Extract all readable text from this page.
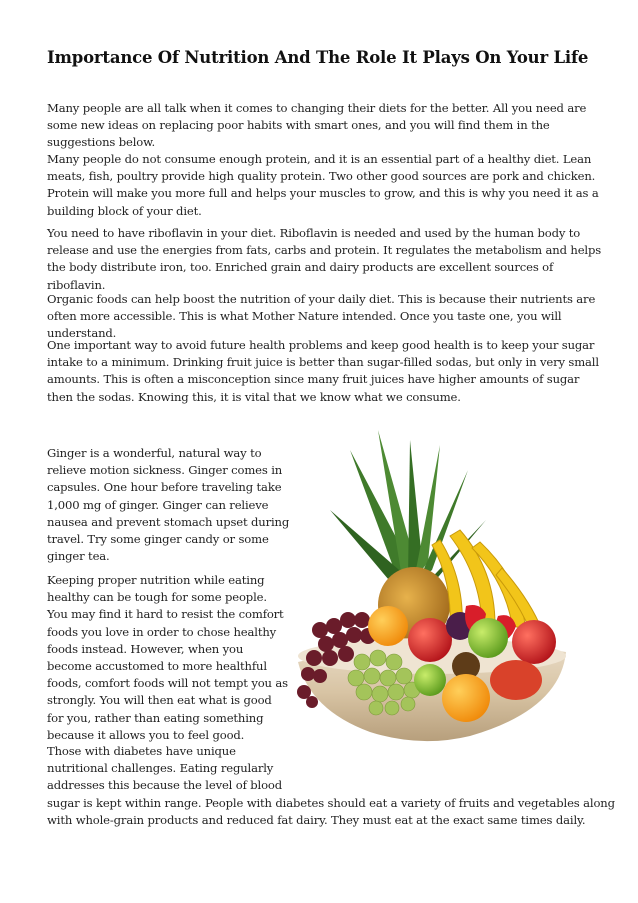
Importance Of Nutrition And The Role It Plays On Your Life

Many people are all talk when it comes to changing their diets for the better. All you need are some new ideas on replacing poor habits with smart ones, and you will find them in the suggestions below.

Many people do not consume enough protein, and it is an essential part of a healthy diet. Lean meats, fish, poultry provide high quality protein. Two other good sources are pork and chicken. Protein will make you more full and helps your muscles to grow, and this is why you need it as a building block of your diet.

You need to have riboflavin in your diet. Riboflavin is needed and used by the human body to release and use the energies from fats, carbs and protein. It regulates the metabolism and helps the body distribute iron, too. Enriched grain and dairy products are excellent sources of riboflavin.

Organic foods can help boost the nutrition of your daily diet. This is because their nutrients are often more accessible. This is what Mother Nature intended. Once you taste one, you will understand.

One important way to avoid future health problems and keep good health is to keep your sugar intake to a minimum. Drinking fruit juice is better than sugar-filled sodas, but only in very small amounts. This is often a misconception since many fruit juices have higher amounts of sugar then the sodas. Knowing this, it is vital that we know what we consume.

Ginger is a wonderful, natural way to
relieve motion sickness. Ginger comes in
capsules. One hour before traveling take
1,000 mg of ginger. Ginger can relieve
nausea and prevent stomach upset during
travel. Try some ginger candy or some
ginger tea.
Keeping proper nutrition while eating
healthy can be tough for some people.
You may find it hard to resist the comfort
foods you love in order to chose healthy
foods instead. However, when you
become accustomed to more healthful
foods, comfort foods will not tempt you as
strongly. You will then eat what is good
for you, rather than eating something
because it allows you to feel good.
Those with diabetes have unique
nutritional challenges. Eating regularly
addresses this because the level of blood
sugar is kept within range. People with diabetes should eat a variety of fruits and vegetables along
with whole-grain products and reduced fat dairy. They must eat at the exact same times daily.
